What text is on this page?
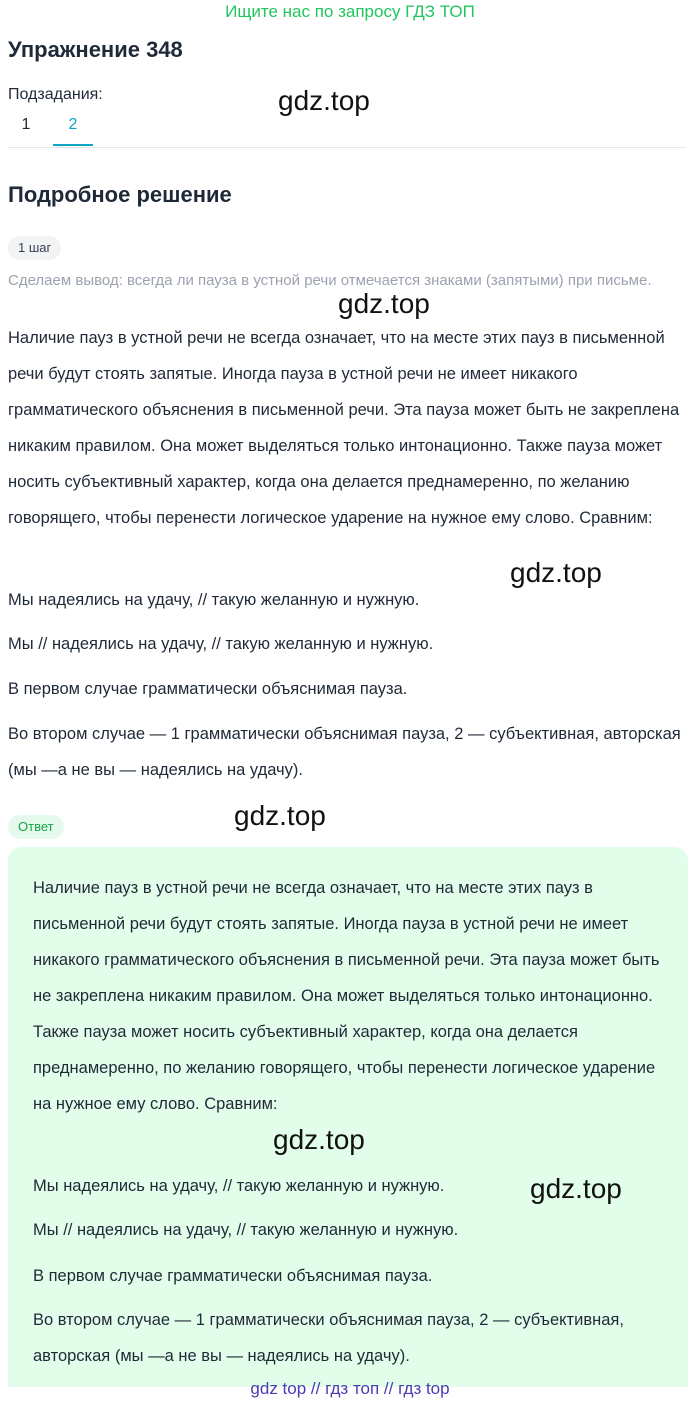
Ищите нас по запросу ГДЗ ТОП
Упражнение 348
Подзадания:
1	2
Подробное решение
1 шаг
Сделаем вывод: всегда ли пауза в устной речи отмечается знаками (запятыми) при письме.
Наличие пауз в устной речи не всегда означает, что на месте этих пауз в письменной речи будут стоять запятые. Иногда пауза в устной речи не имеет никакого грамматического объяснения в письменной речи. Эта пауза может быть не закреплена никаким правилом. Она может выделяться только интонационно. Также пауза может носить субъективный характер, когда она делается преднамеренно, по желанию говорящего, чтобы перенести логическое ударение на нужное ему слово. Сравним:
Мы надеялись на удачу, // такую желанную и нужную.
Мы // надеялись на удачу, // такую желанную и нужную.
В первом случае грамматически объяснимая пауза.
Во втором случае — 1 грамматически объяснимая пауза, 2 — субъективная, авторская (мы —а не вы — надеялись на удачу).
Ответ
Наличие пауз в устной речи не всегда означает, что на месте этих пауз в письменной речи будут стоять запятые. Иногда пауза в устной речи не имеет никакого грамматического объяснения в письменной речи. Эта пауза может быть не закреплена никаким правилом. Она может выделяться только интонационно. Также пауза может носить субъективный характер, когда она делается преднамеренно, по желанию говорящего, чтобы перенести логическое ударение на нужное ему слово. Сравним:
Мы надеялись на удачу, // такую желанную и нужную.
Мы // надеялись на удачу, // такую желанную и нужную.
В первом случае грамматически объяснимая пауза.
Во втором случае — 1 грамматически объяснимая пауза, 2 — субъективная, авторская (мы —а не вы — надеялись на удачу).
gdz.top
gdz.top
gdz.top
gdz.top
gdz.top
gdz.top
gdz top // гдз топ // гдз top
